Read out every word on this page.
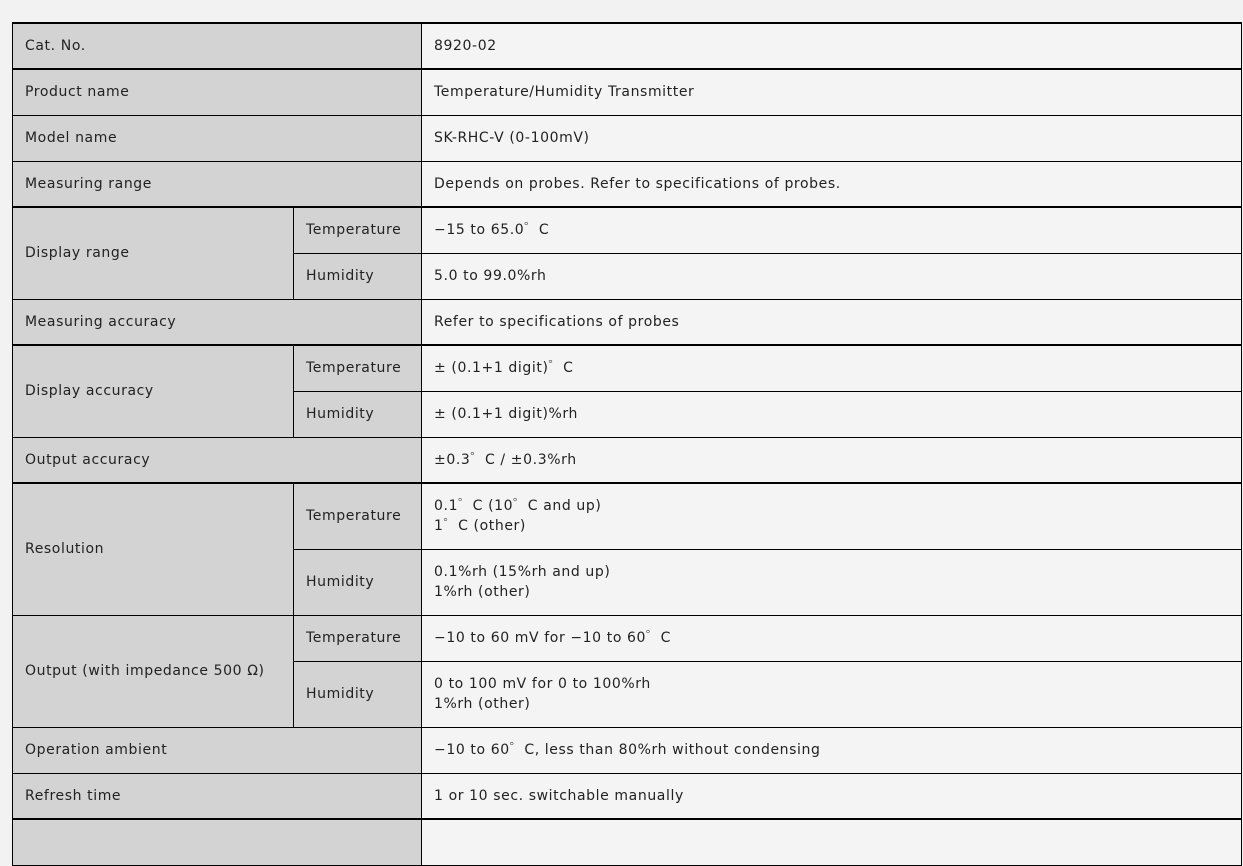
Cat. No.		8920-02
Product name		Temperature/Humidity Transmitter
Model name		SK-RHC-V (0-100mV)
Measuring range		Depends on probes. Refer to specifications of probes.
Display range	Temperature	−15 to 65.0゜C
	Humidity	5.0 to 99.0%rh
Measuring accuracy		Refer to specifications of probes
Display accuracy	Temperature	± (0.1+1 digit)゜C
	Humidity	± (0.1+1 digit)%rh
Output accuracy		±0.3゜C / ±0.3%rh
Resolution	Temperature	0.1゜C (10゜C and up)
1゜C (other)

	Humidity	0.1%rh (15%rh and up)
1%rh (other)

Output (with impedance 500 Ω)	Temperature	−10 to 60 mV for −10 to 60゜C
	Humidity	0 to 100 mV for 0 to 100%rh
1%rh (other)

Operation ambient		−10 to 60゜C, less than 80%rh without condensing
Refresh time		1 or 10 sec. switchable manually
